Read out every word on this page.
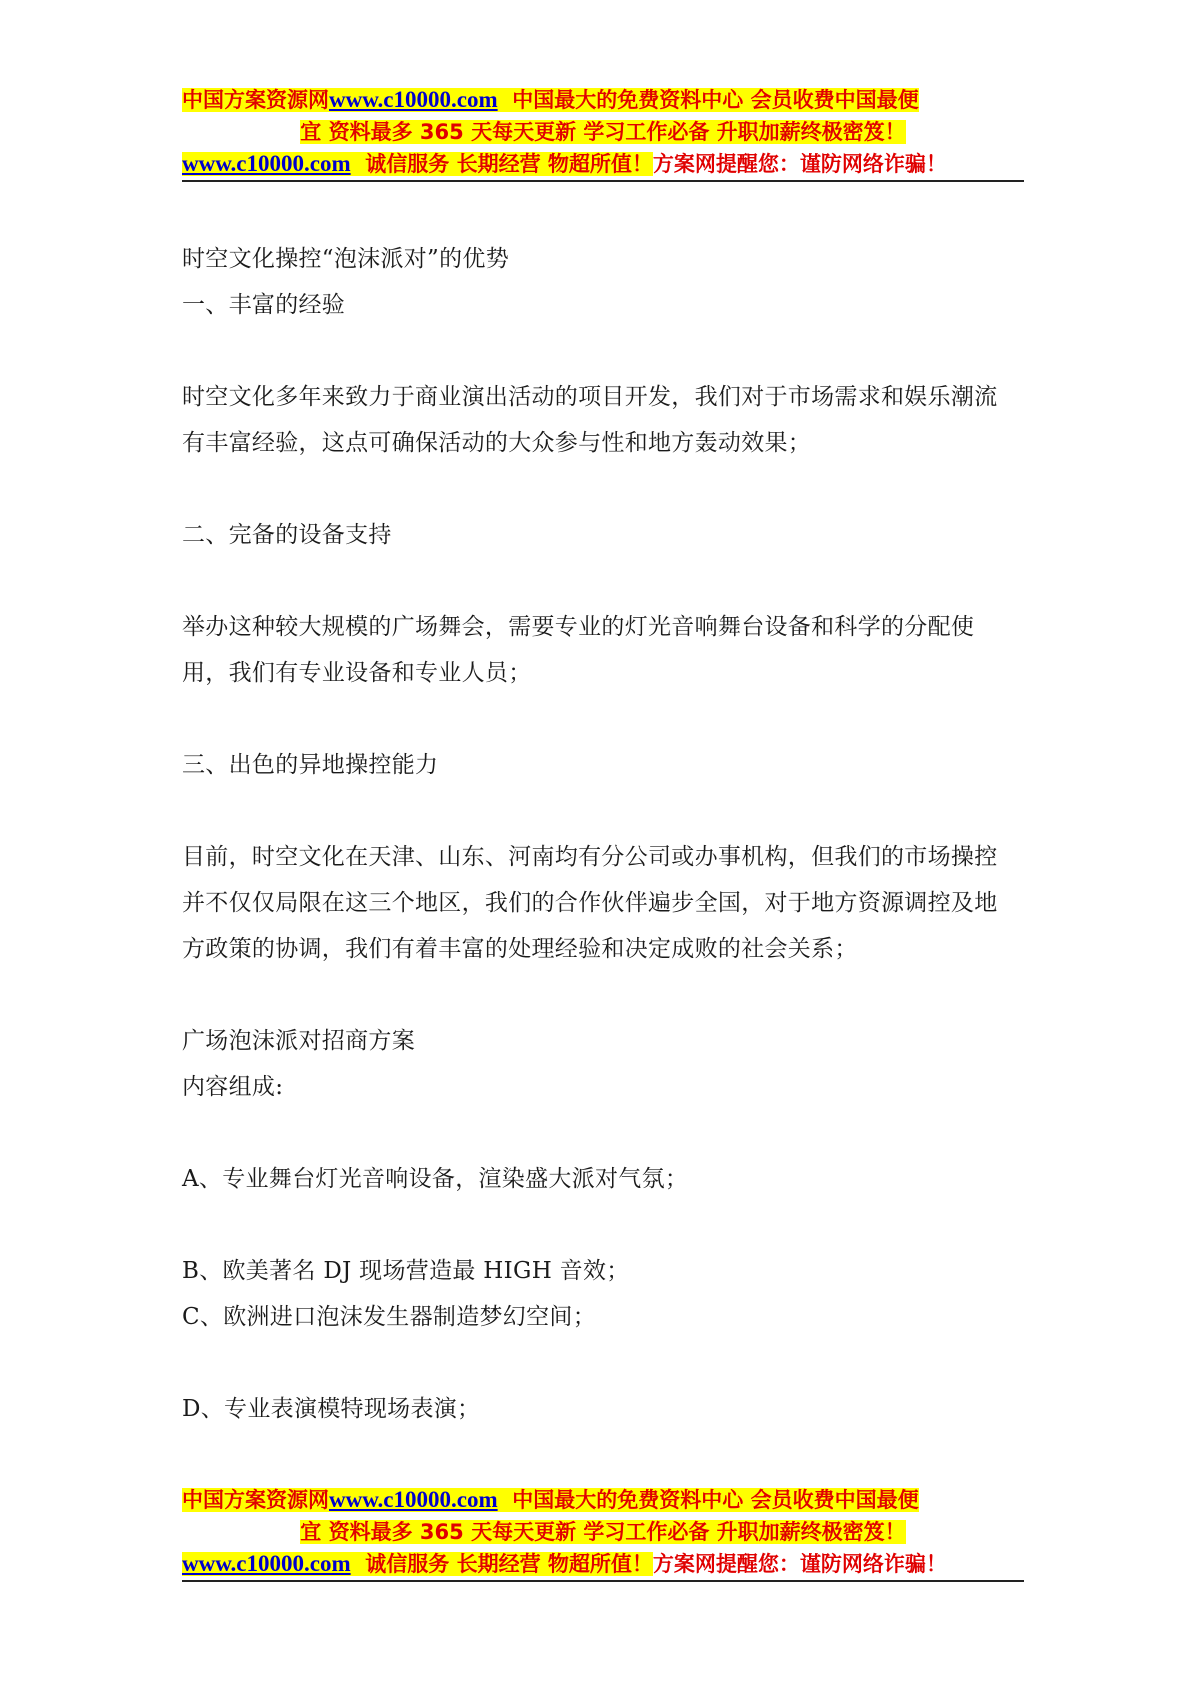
中国方案资源网www.c10000.com 中国最大的免费资料中心 会员收费中国最便
宜 资料最多 365 天每天更新 学习工作必备 升职加薪终极密笈！
www.c10000.com 诚信服务 长期经营 物超所值！方案网提醒您：谨防网络诈骗！
时空文化操控“泡沫派对”的优势
一、丰富的经验
时空文化多年来致力于商业演出活动的项目开发，我们对于市场需求和娱乐潮流
有丰富经验，这点可确保活动的大众参与性和地方轰动效果；
二、完备的设备支持
举办这种较大规模的广场舞会，需要专业的灯光音响舞台设备和科学的分配使
用，我们有专业设备和专业人员；
三、出色的异地操控能力
目前，时空文化在天津、山东、河南均有分公司或办事机构，但我们的市场操控
并不仅仅局限在这三个地区，我们的合作伙伴遍步全国，对于地方资源调控及地
方政策的协调，我们有着丰富的处理经验和决定成败的社会关系；
广场泡沫派对招商方案
内容组成:
A、专业舞台灯光音响设备，渲染盛大派对气氛；
B、欧美著名 DJ 现场营造最 HIGH 音效；
C、欧洲进口泡沫发生器制造梦幻空间；
D、专业表演模特现场表演；
中国方案资源网www.c10000.com 中国最大的免费资料中心 会员收费中国最便
宜 资料最多 365 天每天更新 学习工作必备 升职加薪终极密笈！
www.c10000.com 诚信服务 长期经营 物超所值！方案网提醒您：谨防网络诈骗！
